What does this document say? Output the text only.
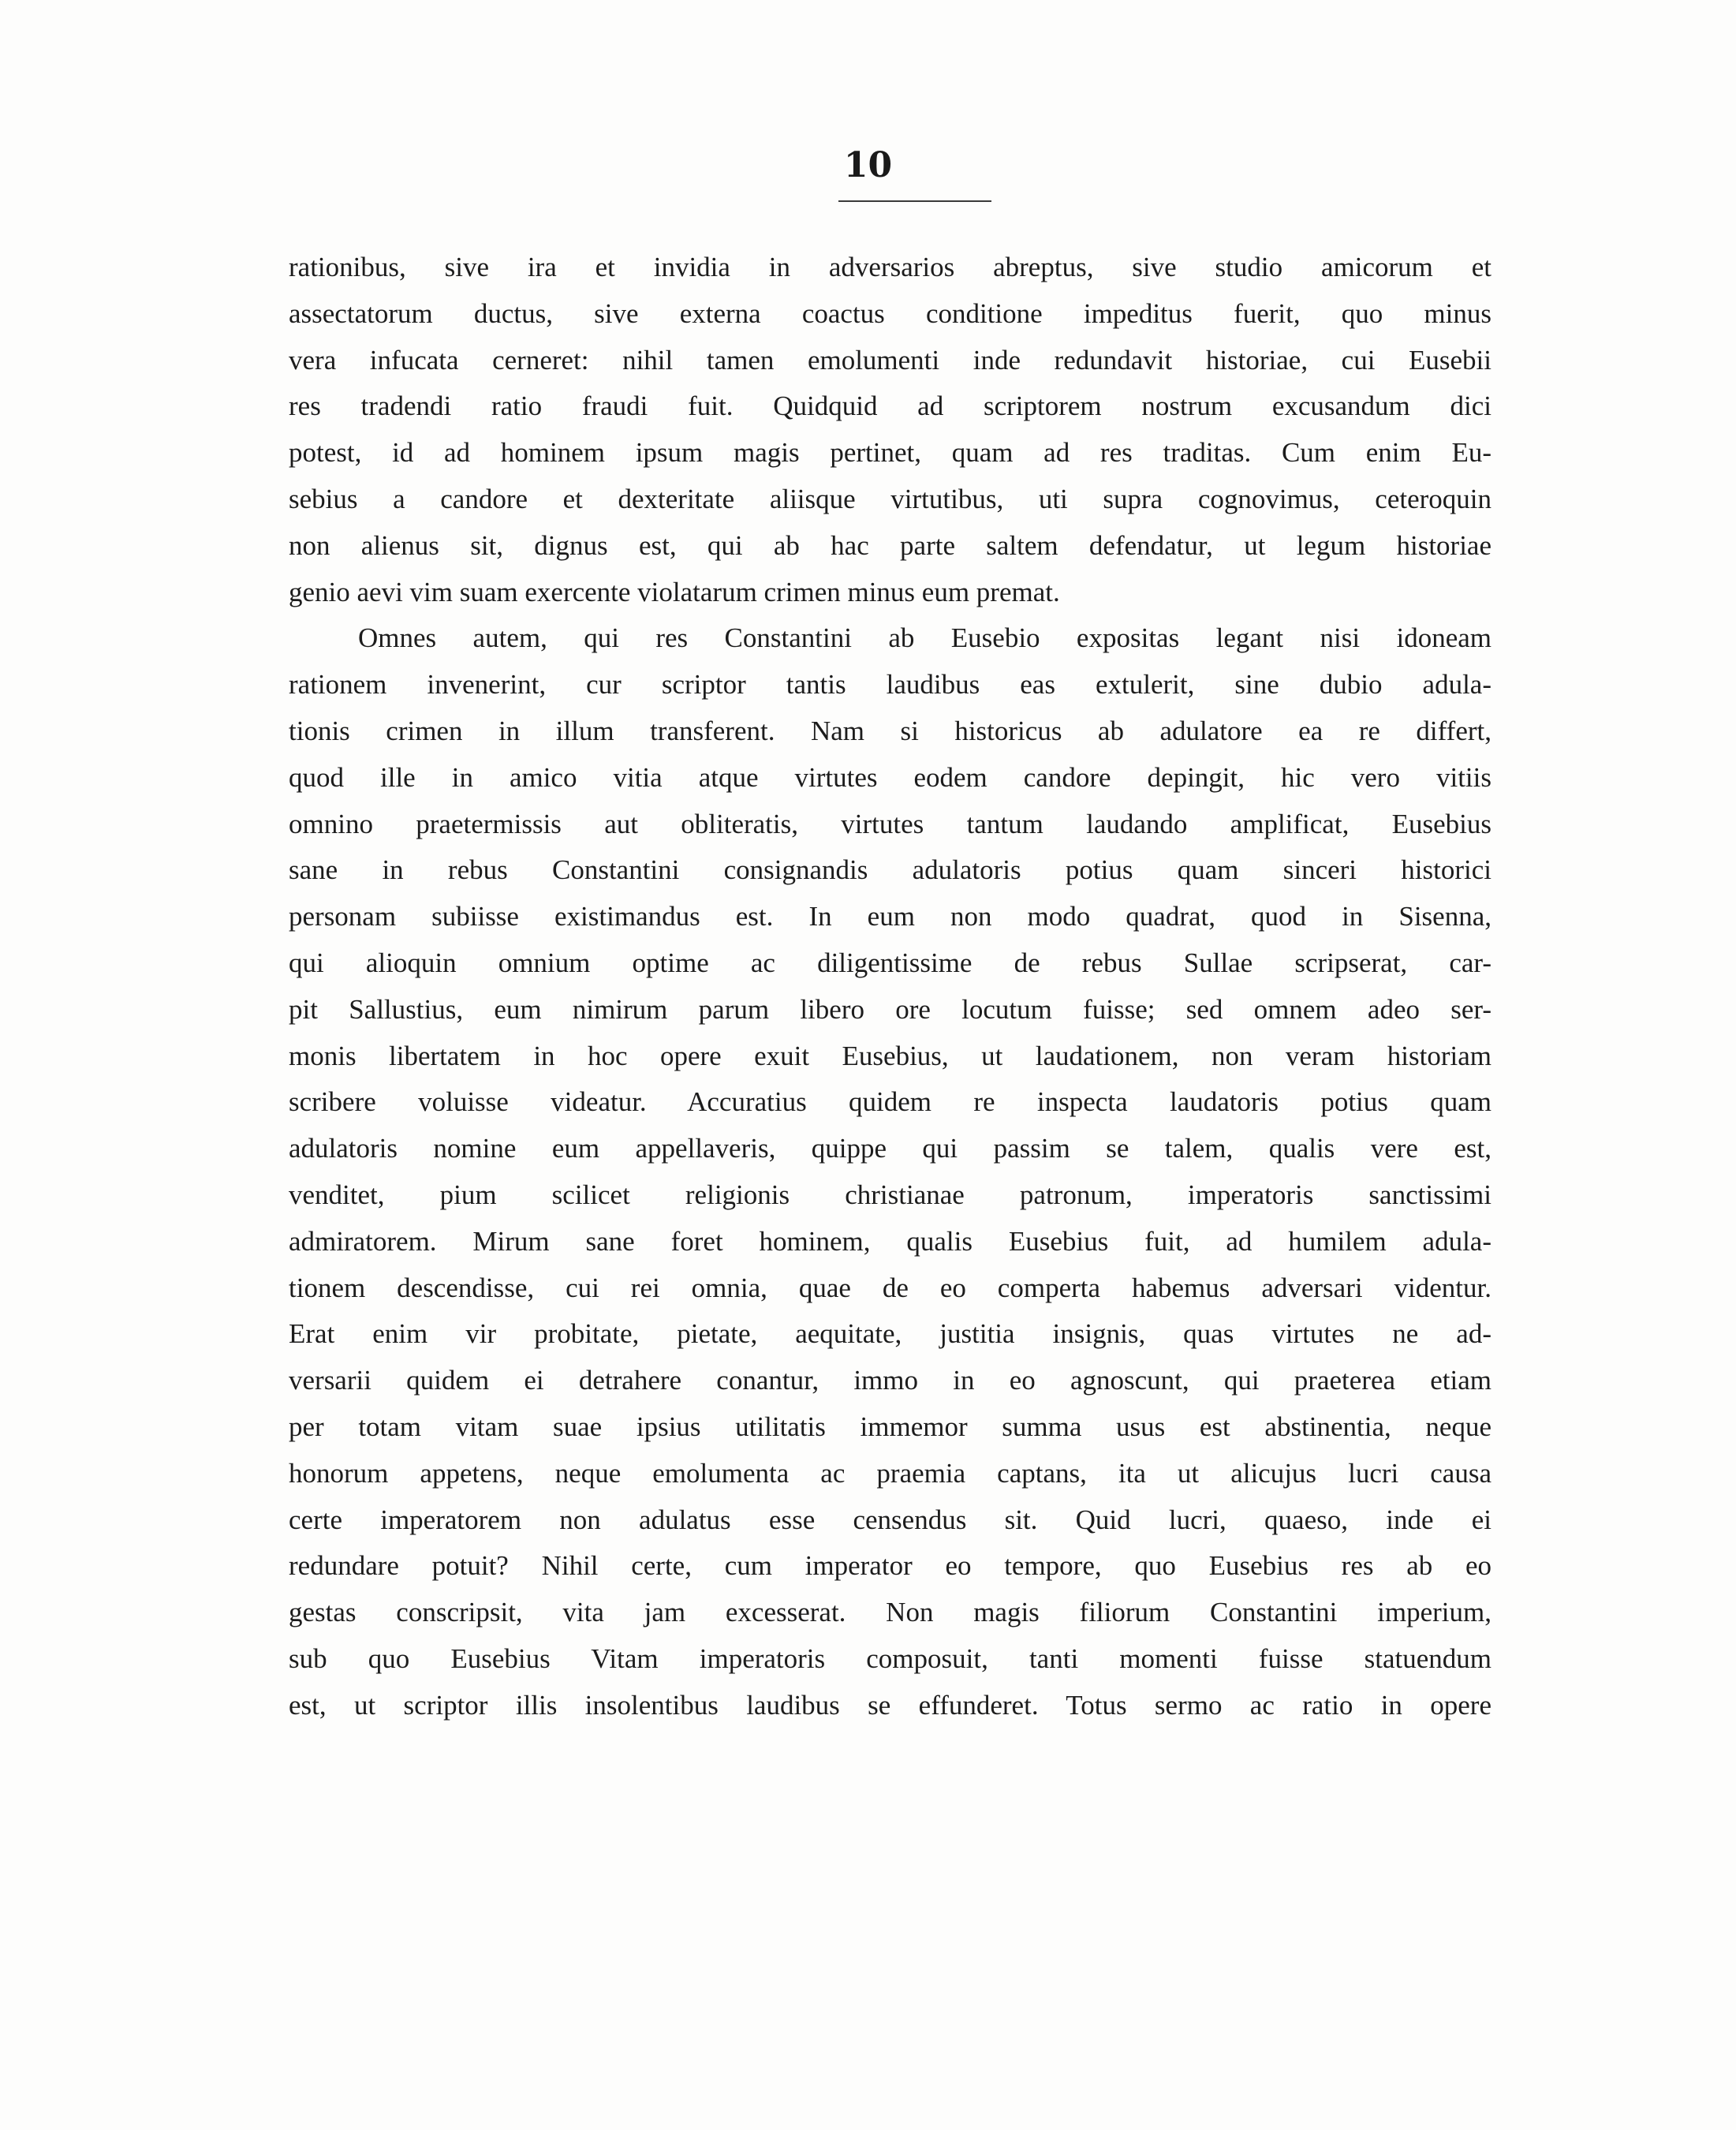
10
rationibus, sive ira et invidia in adversarios abreptus, sive studio amicorum et
assectatorum ductus, sive externa coactus conditione impeditus fuerit, quo minus
vera infucata cerneret: nihil tamen emolumenti inde redundavit historiae, cui Eusebii
res tradendi ratio fraudi fuit. Quidquid ad scriptorem nostrum excusandum dici
potest, id ad hominem ipsum magis pertinet, quam ad res traditas. Cum enim Eu-
sebius a candore et dexteritate aliisque virtutibus, uti supra cognovimus, ceteroquin
non alienus sit, dignus est, qui ab hac parte saltem defendatur, ut legum historiae
genio aevi vim suam exercente violatarum crimen minus eum premat.
Omnes autem, qui res Constantini ab Eusebio expositas legant nisi idoneam
rationem invenerint, cur scriptor tantis laudibus eas extulerit, sine dubio adula-
tionis crimen in illum transferent. Nam si historicus ab adulatore ea re differt,
quod ille in amico vitia atque virtutes eodem candore depingit, hic vero vitiis
omnino praetermissis aut obliteratis, virtutes tantum laudando amplificat, Eusebius
sane in rebus Constantini consignandis adulatoris potius quam sinceri historici
personam subiisse existimandus est. In eum non modo quadrat, quod in Sisenna,
qui alioquin omnium optime ac diligentissime de rebus Sullae scripserat, car-
pit Sallustius, eum nimirum parum libero ore locutum fuisse; sed omnem adeo ser-
monis libertatem in hoc opere exuit Eusebius, ut laudationem, non veram historiam
scribere voluisse videatur. Accuratius quidem re inspecta laudatoris potius quam
adulatoris nomine eum appellaveris, quippe qui passim se talem, qualis vere est,
venditet, pium scilicet religionis christianae patronum, imperatoris sanctissimi
admiratorem. Mirum sane foret hominem, qualis Eusebius fuit, ad humilem adula-
tionem descendisse, cui rei omnia, quae de eo comperta habemus adversari videntur.
Erat enim vir probitate, pietate, aequitate, justitia insignis, quas virtutes ne ad-
versarii quidem ei detrahere conantur, immo in eo agnoscunt, qui praeterea etiam
per totam vitam suae ipsius utilitatis immemor summa usus est abstinentia, neque
honorum appetens, neque emolumenta ac praemia captans, ita ut alicujus lucri causa
certe imperatorem non adulatus esse censendus sit. Quid lucri, quaeso, inde ei
redundare potuit? Nihil certe, cum imperator eo tempore, quo Eusebius res ab eo
gestas conscripsit, vita jam excesserat. Non magis filiorum Constantini imperium,
sub quo Eusebius Vitam imperatoris composuit, tanti momenti fuisse statuendum
est, ut scriptor illis insolentibus laudibus se effunderet. Totus sermo ac ratio in opere
